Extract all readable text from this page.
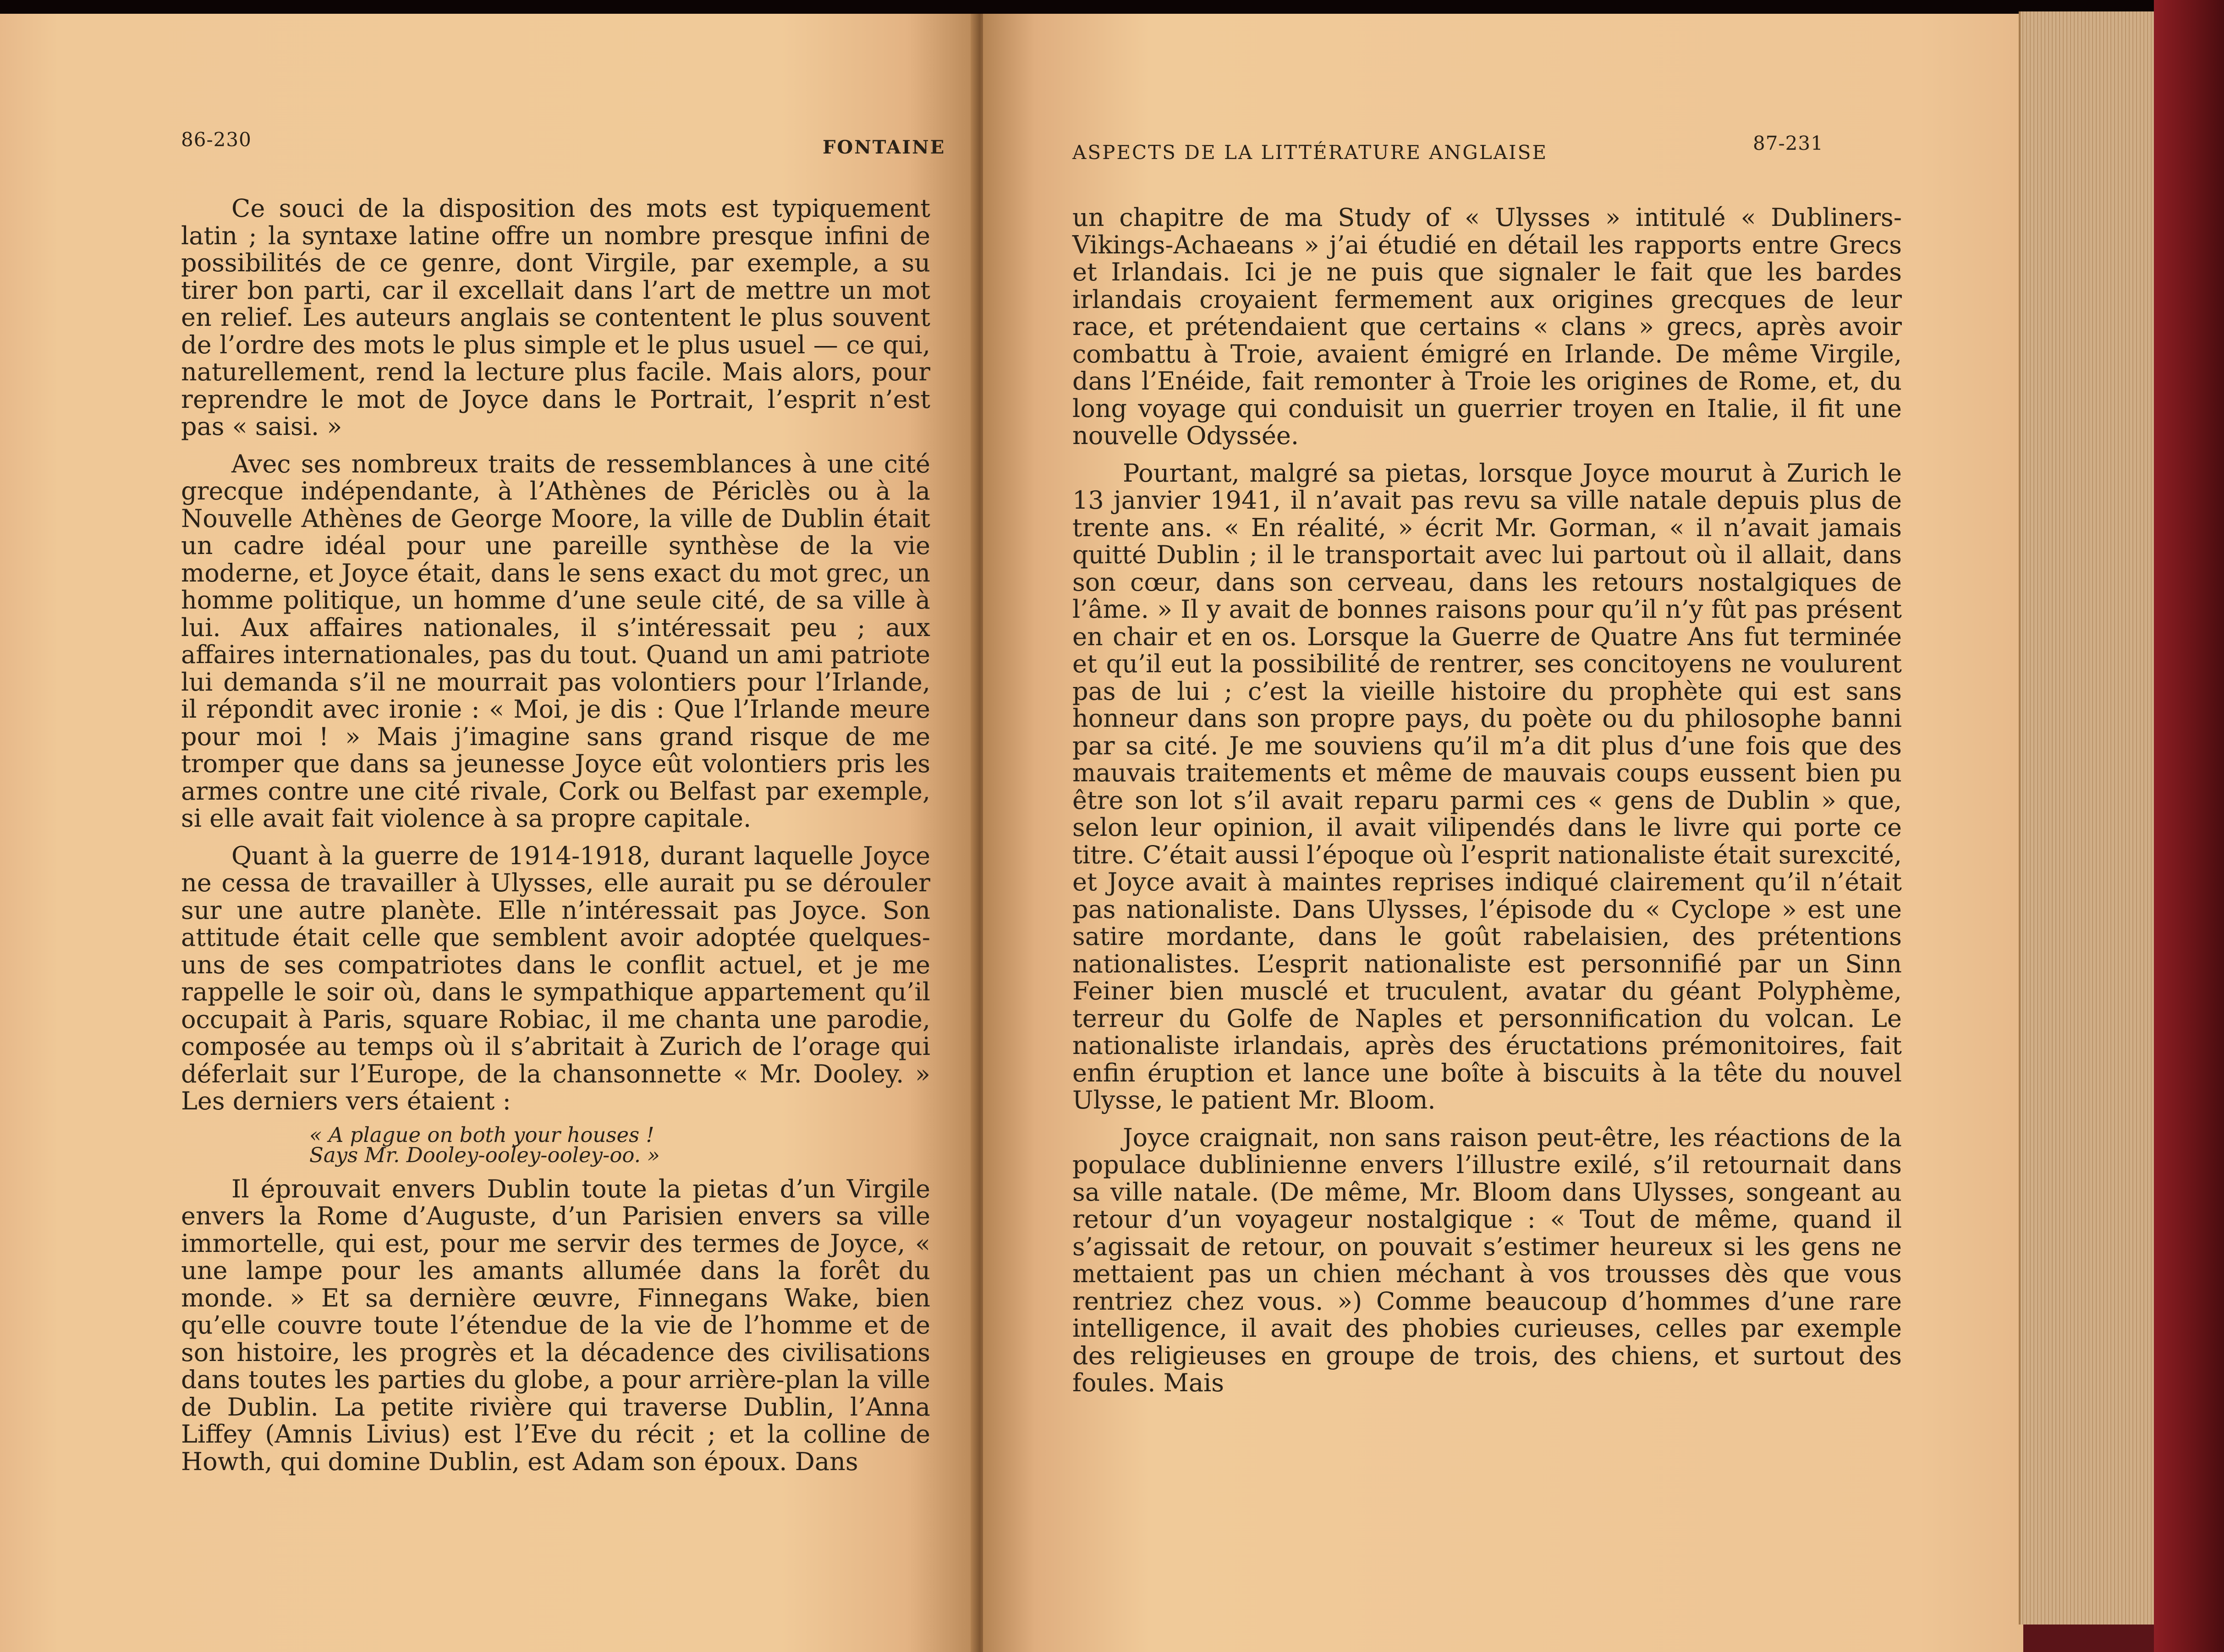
86-230	FONTAINE

Ce souci de la disposition des mots est typiquement latin ; la syntaxe latine offre un nombre presque infini de possibilités de ce genre, dont Virgile, par exemple, a su tirer bon parti, car il excellait dans l’art de mettre un mot en relief. Les auteurs anglais se contentent le plus souvent de l’ordre des mots le plus simple et le plus usuel — ce qui, naturellement, rend la lecture plus facile. Mais alors, pour reprendre le mot de Joyce dans le Portrait, l’esprit n’est pas « saisi. »

Avec ses nombreux traits de ressemblances à une cité grecque indépendante, à l’Athènes de Périclès ou à la Nouvelle Athènes de George Moore, la ville de Dublin était un cadre idéal pour une pareille synthèse de la vie moderne, et Joyce était, dans le sens exact du mot grec, un homme politique, un homme d’une seule cité, de sa ville à lui. Aux affaires nationales, il s’intéressait peu ; aux affaires internationales, pas du tout. Quand un ami patriote lui demanda s’il ne mourrait pas volontiers pour l’Irlande, il répondit avec ironie : « Moi, je dis : Que l’Irlande meure pour moi ! » Mais j’imagine sans grand risque de me tromper que dans sa jeunesse Joyce eût volontiers pris les armes contre une cité rivale, Cork ou Belfast par exemple, si elle avait fait violence à sa propre capitale.

Quant à la guerre de 1914-1918, durant laquelle Joyce ne cessa de travailler à Ulysses, elle aurait pu se dérouler sur une autre planète. Elle n’intéressait pas Joyce. Son attitude était celle que semblent avoir adoptée quelques-uns de ses compatriotes dans le conflit actuel, et je me rappelle le soir où, dans le sympathique appartement qu’il occupait à Paris, square Robiac, il me chanta une parodie, composée au temps où il s’abritait à Zurich de l’orage qui déferlait sur l’Europe, de la chansonnette « Mr. Dooley. » Les derniers vers étaient :

« A plague on both your houses !
Says Mr. Dooley-ooley-ooley-oo. »

Il éprouvait envers Dublin toute la pietas d’un Virgile envers la Rome d’Auguste, d’un Parisien envers sa ville immortelle, qui est, pour me servir des termes de Joyce, « une lampe pour les amants allumée dans la forêt du monde. » Et sa dernière œuvre, Finnegans Wake, bien qu’elle couvre toute l’étendue de la vie de l’homme et de son histoire, les progrès et la décadence des civilisations dans toutes les parties du globe, a pour arrière-plan la ville de Dublin. La petite rivière qui traverse Dublin, l’Anna Liffey (Amnis Livius) est l’Eve du récit ; et la colline de Howth, qui domine Dublin, est Adam son époux. Dans

ASPECTS DE LA LITTÉRATURE ANGLAISE	87-231

un chapitre de ma Study of « Ulysses » intitulé « Dubliners-Vikings-Achaeans » j’ai étudié en détail les rapports entre Grecs et Irlandais. Ici je ne puis que signaler le fait que les bardes irlandais croyaient fermement aux origines grecques de leur race, et prétendaient que certains « clans » grecs, après avoir combattu à Troie, avaient émigré en Irlande. De même Virgile, dans l’Enéide, fait remonter à Troie les origines de Rome, et, du long voyage qui conduisit un guerrier troyen en Italie, il fit une nouvelle Odyssée.

Pourtant, malgré sa pietas, lorsque Joyce mourut à Zurich le 13 janvier 1941, il n’avait pas revu sa ville natale depuis plus de trente ans. « En réalité, » écrit Mr. Gorman, « il n’avait jamais quitté Dublin ; il le transportait avec lui partout où il allait, dans son cœur, dans son cerveau, dans les retours nostalgiques de l’âme. » Il y avait de bonnes raisons pour qu’il n’y fût pas présent en chair et en os. Lorsque la Guerre de Quatre Ans fut terminée et qu’il eut la possibilité de rentrer, ses concitoyens ne voulurent pas de lui ; c’est la vieille histoire du prophète qui est sans honneur dans son propre pays, du poète ou du philosophe banni par sa cité. Je me souviens qu’il m’a dit plus d’une fois que des mauvais traitements et même de mauvais coups eussent bien pu être son lot s’il avait reparu parmi ces « gens de Dublin » que, selon leur opinion, il avait vilipendés dans le livre qui porte ce titre. C’était aussi l’époque où l’esprit nationaliste était surexcité, et Joyce avait à maintes reprises indiqué clairement qu’il n’était pas nationaliste. Dans Ulysses, l’épisode du « Cyclope » est une satire mordante, dans le goût rabelaisien, des prétentions nationalistes. L’esprit nationaliste est personnifié par un Sinn Feiner bien musclé et truculent, avatar du géant Polyphème, terreur du Golfe de Naples et personnification du volcan. Le nationaliste irlandais, après des éructations prémonitoires, fait enfin éruption et lance une boîte à biscuits à la tête du nouvel Ulysse, le patient Mr. Bloom.

Joyce craignait, non sans raison peut-être, les réactions de la populace dublinienne envers l’illustre exilé, s’il retournait dans sa ville natale. (De même, Mr. Bloom dans Ulysses, songeant au retour d’un voyageur nostalgique : « Tout de même, quand il s’agissait de retour, on pouvait s’estimer heureux si les gens ne mettaient pas un chien méchant à vos trousses dès que vous rentriez chez vous. ») Comme beaucoup d’hommes d’une rare intelligence, il avait des phobies curieuses, celles par exemple des religieuses en groupe de trois, des chiens, et surtout des foules. Mais
